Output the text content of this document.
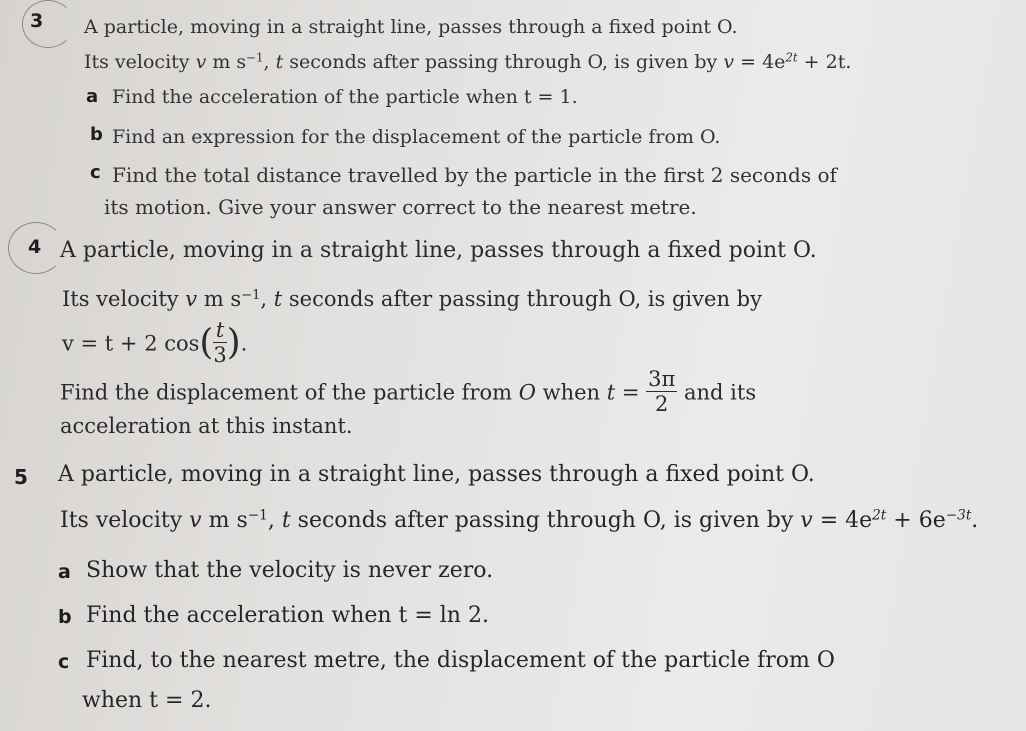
3 A particle, moving in a straight line, passes through a fixed point O.
Its velocity v m $s^{-1}$, t seconds after passing through O, is given by $v = 4e^{2t} + 2t$.
a Find the acceleration of the particle when t = 1.
b Find an expression for the displacement of the particle from O.
c Find the total distance travelled by the particle in the first 2 seconds of
its motion. Give your answer correct to the nearest metre.
4 A particle, moving in a straight line, passes through a fixed point O.
Its velocity v m $s^{-1}$, t seconds after passing through O, is given by
v = t + 2 $\cos( \frac{t}{3}$ ).
Find the displacement of the particle from O when $t = \frac{3\pi}{2}$ and its
acceleration at this instant.
5 A particle, moving in a straight line, passes through a fixed point O.
Its velocity v m $s^{-1}$, t seconds after passing through O, is given by $v = 4e^{2t} + 6e^{-3t}$.
a Show that the velocity is never zero.
b Find the acceleration when t = ln 2.
c Find, to the nearest metre, the displacement of the particle from O
when t = 2.
